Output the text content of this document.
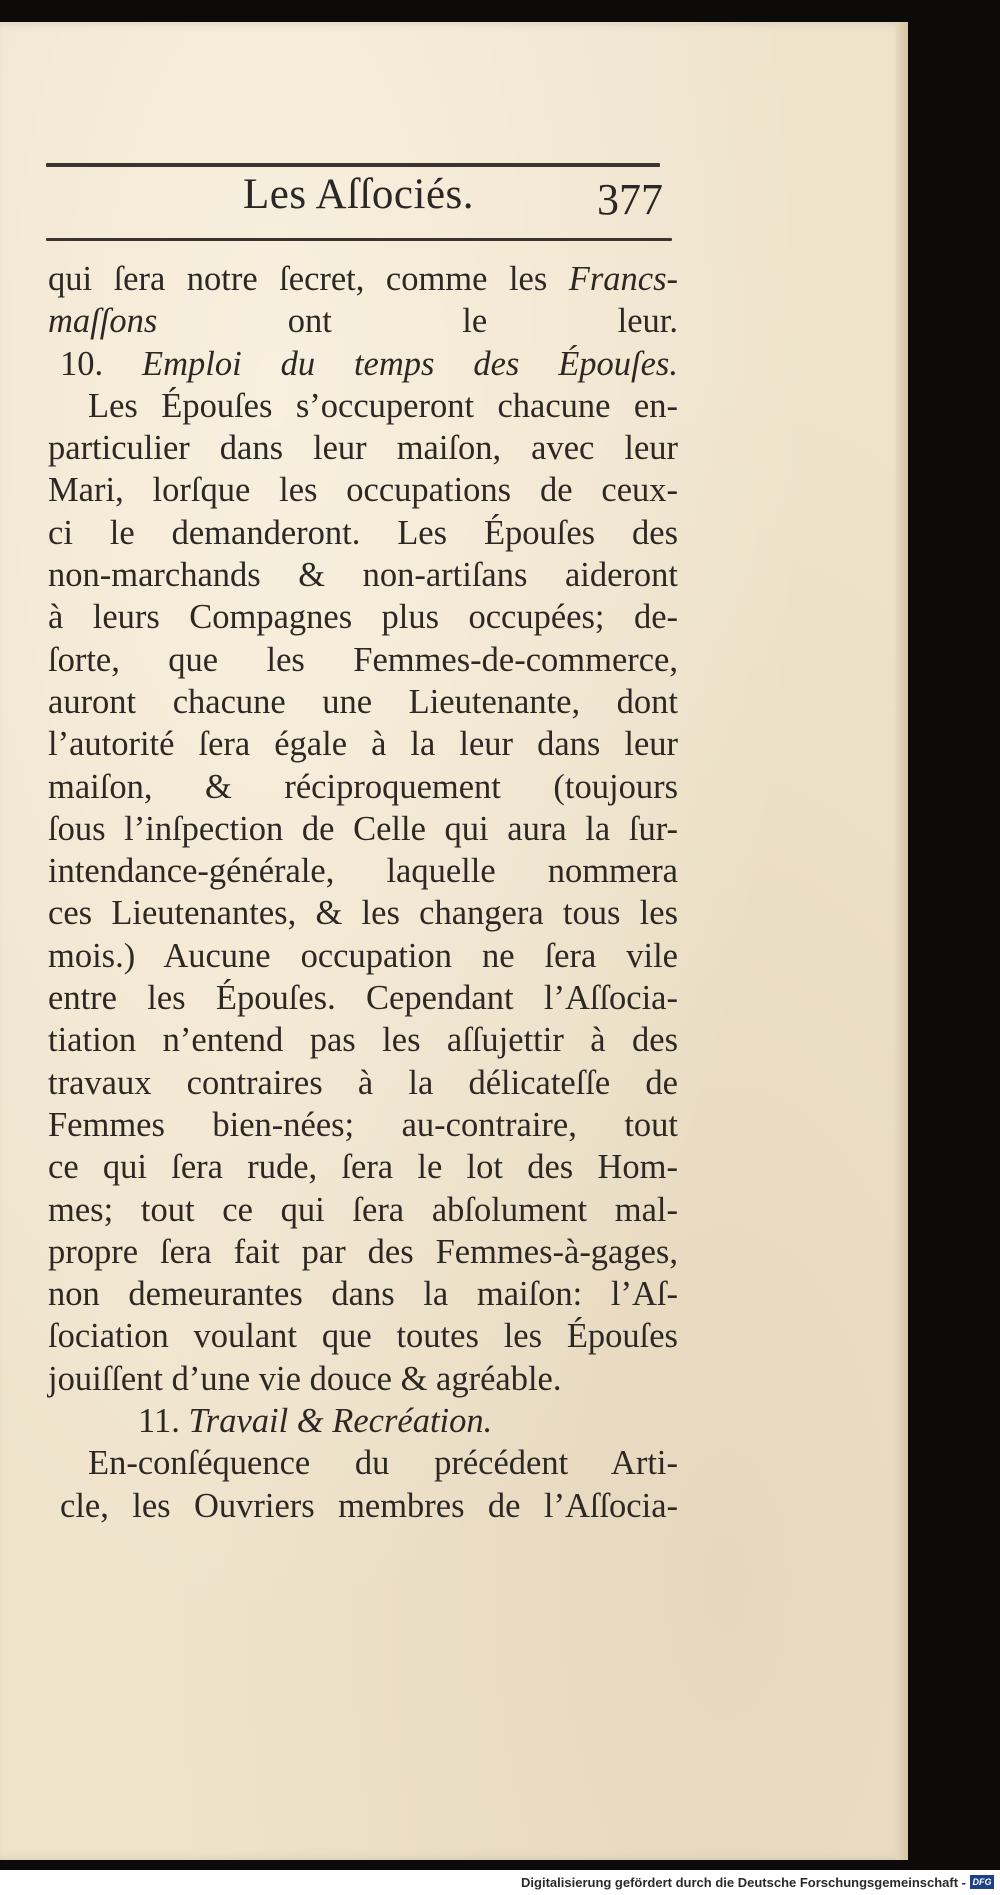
Les Aſſociés.	377
qui ſera notre ſecret, comme les Francs-
maſſons ont le leur.
10. Emploi du temps des Épouſes.
Les Épouſes s’occuperont chacune en-
particulier dans leur maiſon, avec leur
Mari, lorſque les occupations de ceux-
ci le demanderont. Les Épouſes des
non-marchands & non-artiſans aideront
à leurs Compagnes plus occupées; de-
ſorte, que les Femmes-de-commerce,
auront chacune une Lieutenante, dont
l’autorité ſera égale à la leur dans leur
maiſon, & réciproquement (toujours
ſous l’inſpection de Celle qui aura la ſur-
intendance-générale, laquelle nommera
ces Lieutenantes, & les changera tous les
mois.) Aucune occupation ne ſera vile
entre les Épouſes. Cependant l’Aſſocia-
tiation n’entend pas les aſſujettir à des
travaux contraires à la délicateſſe de
Femmes bien-nées; au-contraire, tout
ce qui ſera rude, ſera le lot des Hom-
mes; tout ce qui ſera abſolument mal-
propre ſera fait par des Femmes-à-gages,
non demeurantes dans la maiſon: l’Aſ-
ſociation voulant que toutes les Épouſes
jouiſſent d’une vie douce & agréable.
11. Travail & Recréation.
En-conſéquence du précédent Arti-
cle, les Ouvriers membres de l’Aſſocia-
Digitalisierung gefördert durch die Deutsche Forschungsgemeinschaft - DFG
